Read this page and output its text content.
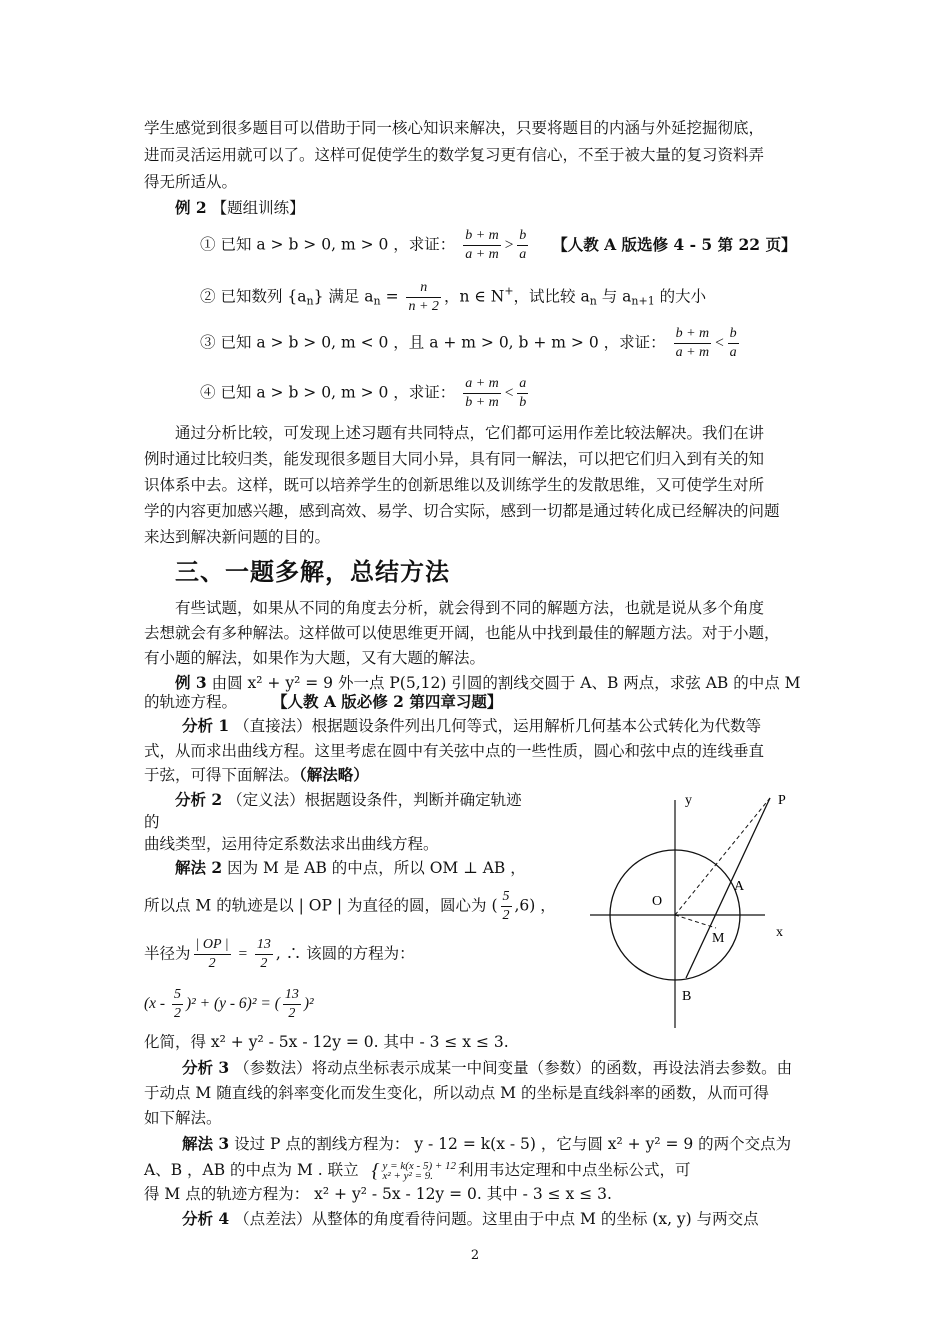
学生感觉到很多题目可以借助于同一核心知识来解决，只要将题目的内涵与外延挖掘彻底，
进而灵活运用就可以了。这样可促使学生的数学复习更有信心，不至于被大量的复习资料弄
得无所适从。
例 2 【题组训练】
① 已知 a > b > 0, m > 0 ，求证： $\frac{b + m}{a + m} > \frac{b}{a}$ 【人教 A 版选修 4 - 5 第 22 页】
② 已知数列 $\{a_n\}$ 满足 $a_n = \frac{n}{n + 2}$ ，n ∈ N+，试比较 $a_n$ 与 $a_{n+1}$ 的大小
③ 已知 a > b > 0, m < 0 ，且 a + m > 0, b + m > 0 ，求证： $\frac{b + m}{a + m} < \frac{b}{a}$
④ 已知 a > b > 0, m > 0 ，求证： $\frac{a + m}{b + m} < \frac{a}{b}$
通过分析比较，可发现上述习题有共同特点，它们都可运用作差比较法解决。我们在讲
例时通过比较归类，能发现很多题目大同小异，具有同一解法，可以把它们归入到有关的知
识体系中去。这样，既可以培养学生的创新思维以及训练学生的发散思维，又可使学生对所
学的内容更加感兴趣，感到高效、易学、切合实际，感到一切都是通过转化成已经解决的问题
来达到解决新问题的目的。
三、一题多解，总结方法
有些试题，如果从不同的角度去分析，就会得到不同的解题方法，也就是说从多个角度
去想就会有多种解法。这样做可以使思维更开阔，也能从中找到最佳的解题方法。对于小题，
有小题的解法，如果作为大题，又有大题的解法。
例 3 由圆 x² + y² = 9 外一点 P(5,12) 引圆的割线交圆于 A、B 两点，求弦 AB 的中点 M
的轨迹方程。 【人教 A 版必修 2 第四章习题】
分析 1 （直接法）根据题设条件列出几何等式，运用解析几何基本公式转化为代数等
式，从而求出曲线方程。这里考虑在圆中有关弦中点的一些性质，圆心和弦中点的连线垂直
于弦，可得下面解法。（解法略）
分析 2 （定义法）根据题设条件，判断并确定轨迹
的
曲线类型，运用待定系数法求出曲线方程。
解法 2 因为 M 是 AB 的中点，所以 OM ⊥ AB ，
所以点 M 的轨迹是以 | OP | 为直径的圆，圆心为 ( $\frac{5}{2} ,6$) ，
半径为 $\frac{| OP |}{2} = \frac{13}{2}$ , ∴ 该圆的方程为：
$(x - \frac{5}{2} )^2 + (y - 6)^2$ = ( $\frac{13}{2} )^2$
化简，得 x² + y² - 5x - 12y = 0. 其中 - 3 ≤ x ≤ 3.
分析 3 （参数法）将动点坐标表示成某一中间变量（参数）的函数，再设法消去参数。由
于动点 M 随直线的斜率变化而发生变化，所以动点 M 的坐标是直线斜率的函数，从而可得
如下解法。
解法 3 设过 P 点的割线方程为： y - 12 = k(x - 5) ，它与圆 x² + y² = 9 的两个交点为
A、B ，AB 的中点为 M . 联立 { y = k(x - 5) + 12
x² + y² = 9.	利用韦达定理和中点坐标公式，可
得 M 点的轨迹方程为： x² + y² - 5x - 12y = 0. 其中 - 3 ≤ x ≤ 3.
分析 4 （点差法）从整体的角度看待问题。这里由于中点 M 的坐标 (x, y) 与两交点
y
x
O
P
A
B
M
2
